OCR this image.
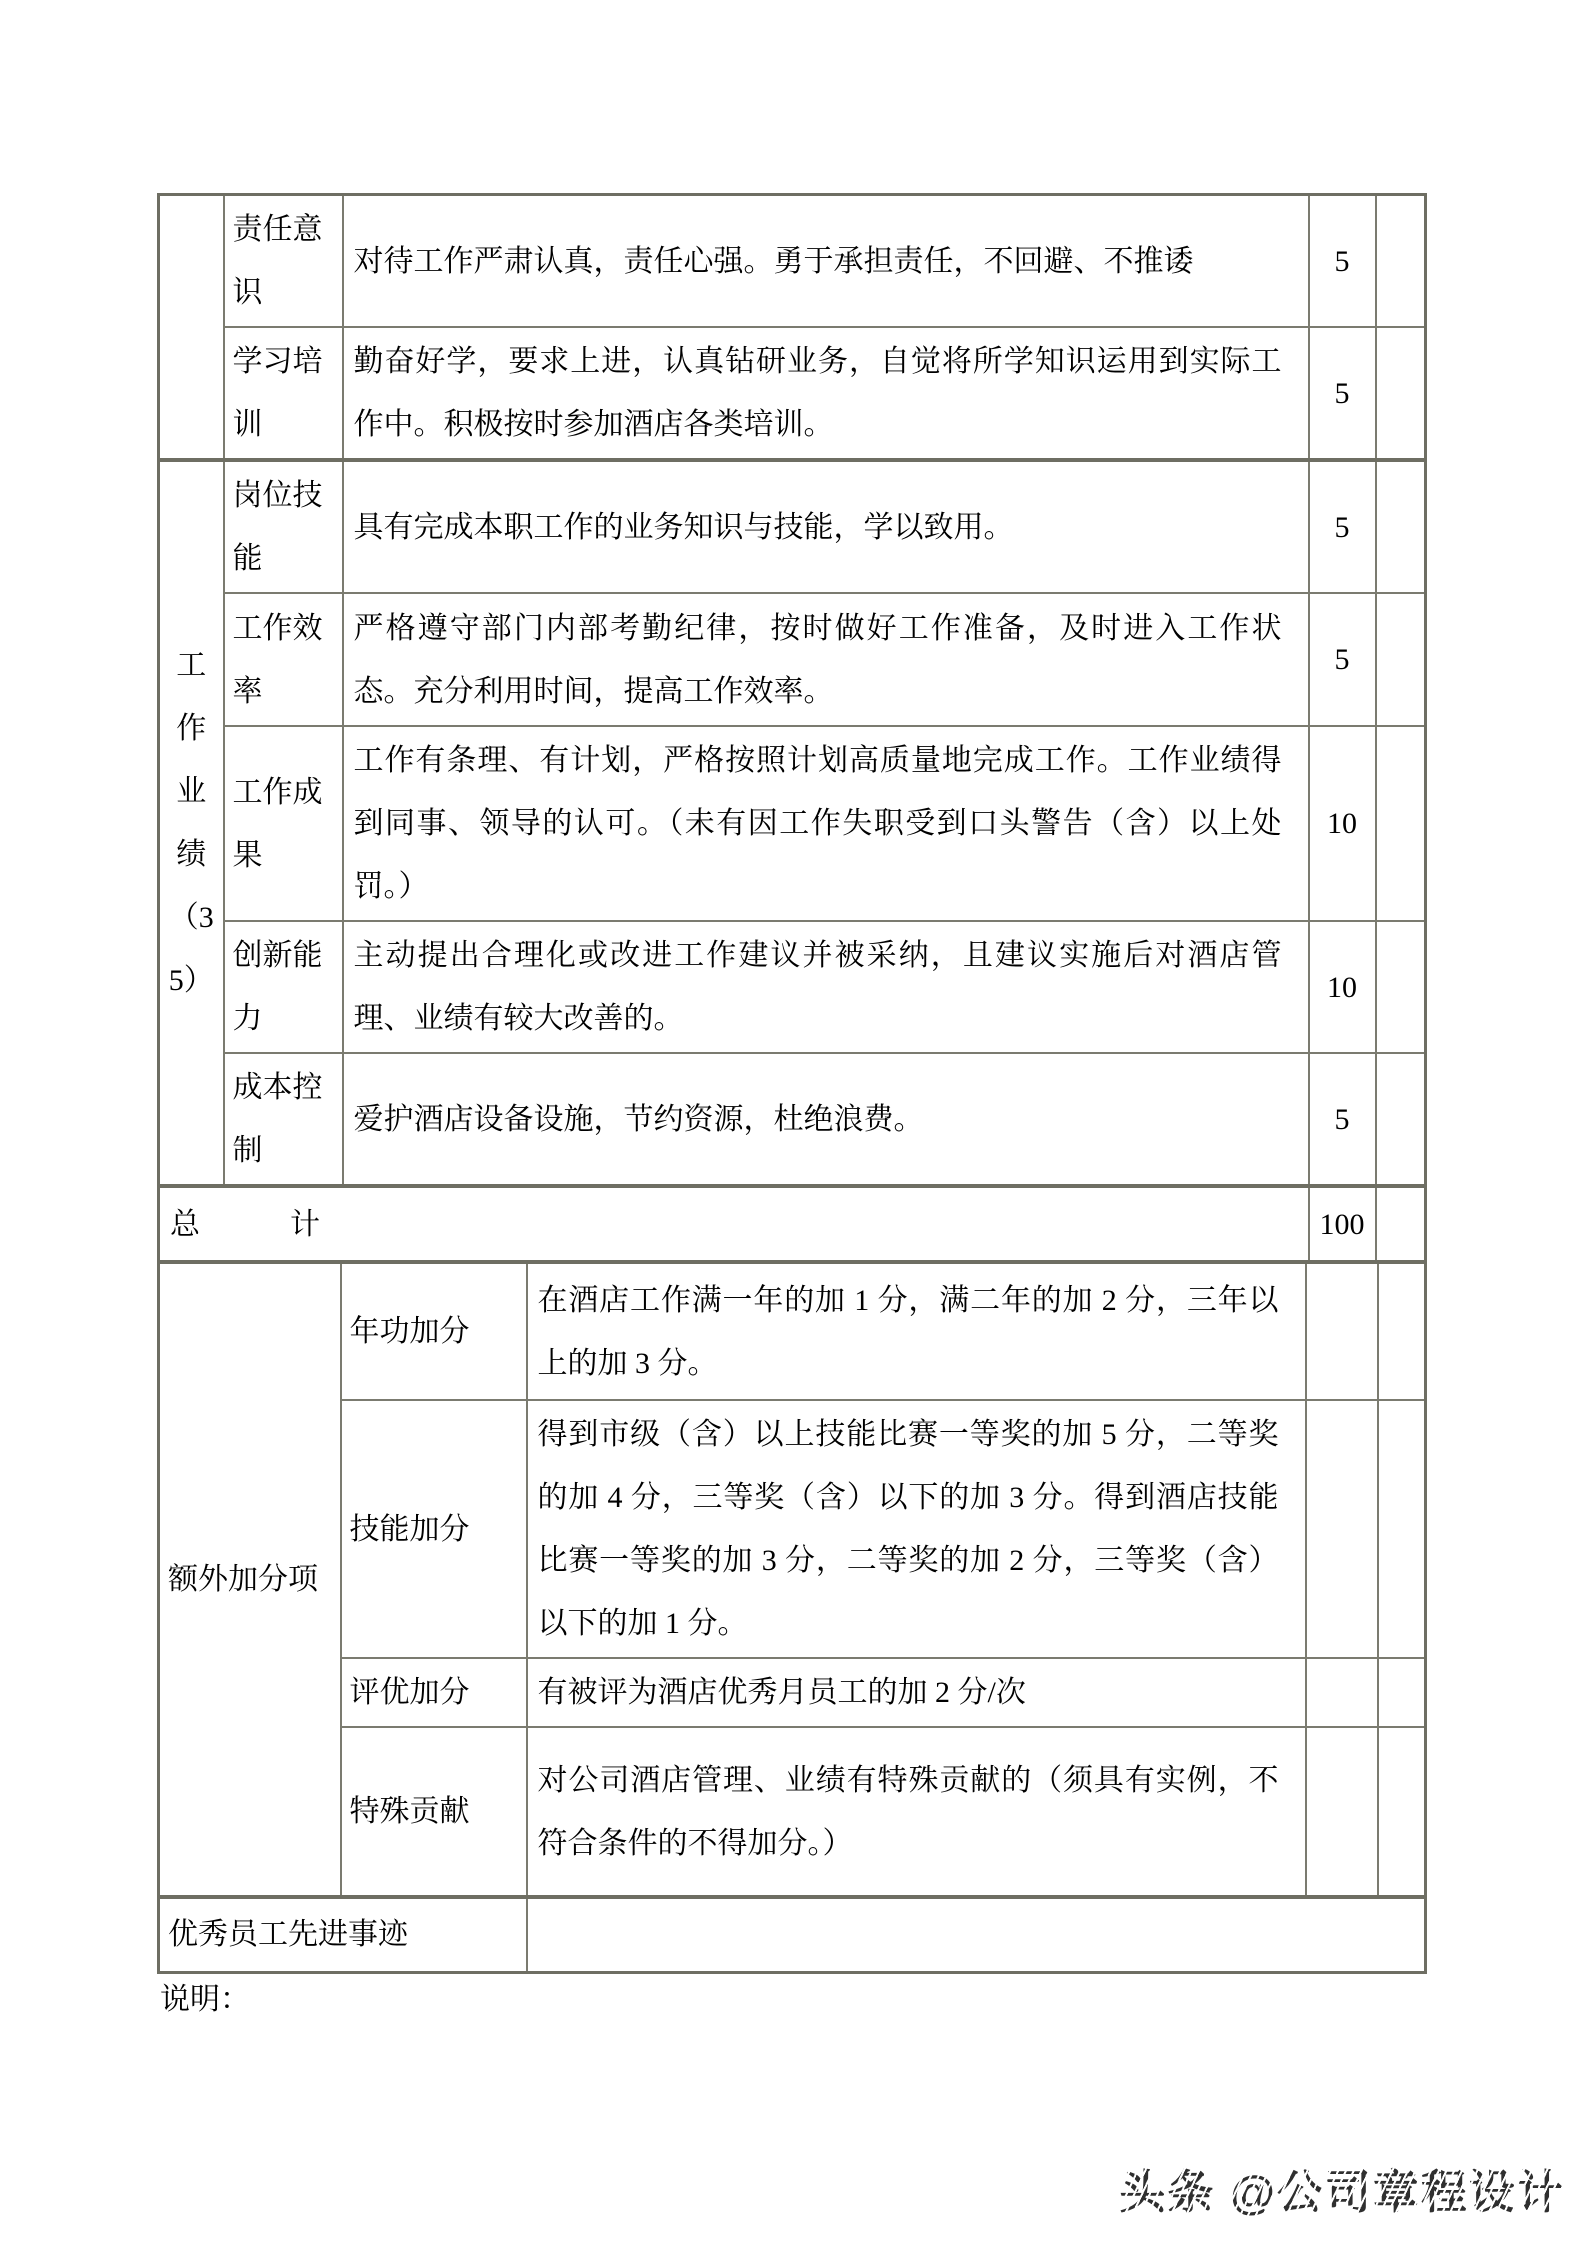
	责任意识	对待工作严肃认真，责任心强。勇于承担责任，不回避、不推诿	5	
	学习培训	勤奋好学，要求上进，认真钻研业务，自觉将所学知识运用到实际工作中。积极按时参加酒店各类培训。	5	
工作业绩（35）	岗位技能	具有完成本职工作的业务知识与技能，学以致用。	5	
	工作效率	严格遵守部门内部考勤纪律，按时做好工作准备，及时进入工作状态。充分利用时间，提高工作效率。	5	
	工作成果	工作有条理、有计划，严格按照计划高质量地完成工作。工作业绩得到同事、领导的认可。（未有因工作失职受到口头警告（含）以上处罚。）	10	
	创新能力	主动提出合理化或改进工作建议并被采纳，且建议实施后对酒店管理、业绩有较大改善的。	10	
	成本控制	爱护酒店设备设施，节约资源，杜绝浪费。	5	
总　　　计			100	
额外加分项	年功加分	在酒店工作满一年的加 1 分，满二年的加 2 分，三年以上的加 3 分。		
	技能加分	得到市级（含）以上技能比赛一等奖的加 5 分，二等奖的加 4 分，三等奖（含）以下的加 3 分。得到酒店技能比赛一等奖的加 3 分，二等奖的加 2 分，三等奖（含）以下的加 1 分。		
	评优加分	有被评为酒店优秀月员工的加 2 分/次		
	特殊贡献	对公司酒店管理、业绩有特殊贡献的（须具有实例，不符合条件的不得加分。）		
优秀员工先进事迹				
说明：
头条 @公司章程设计
